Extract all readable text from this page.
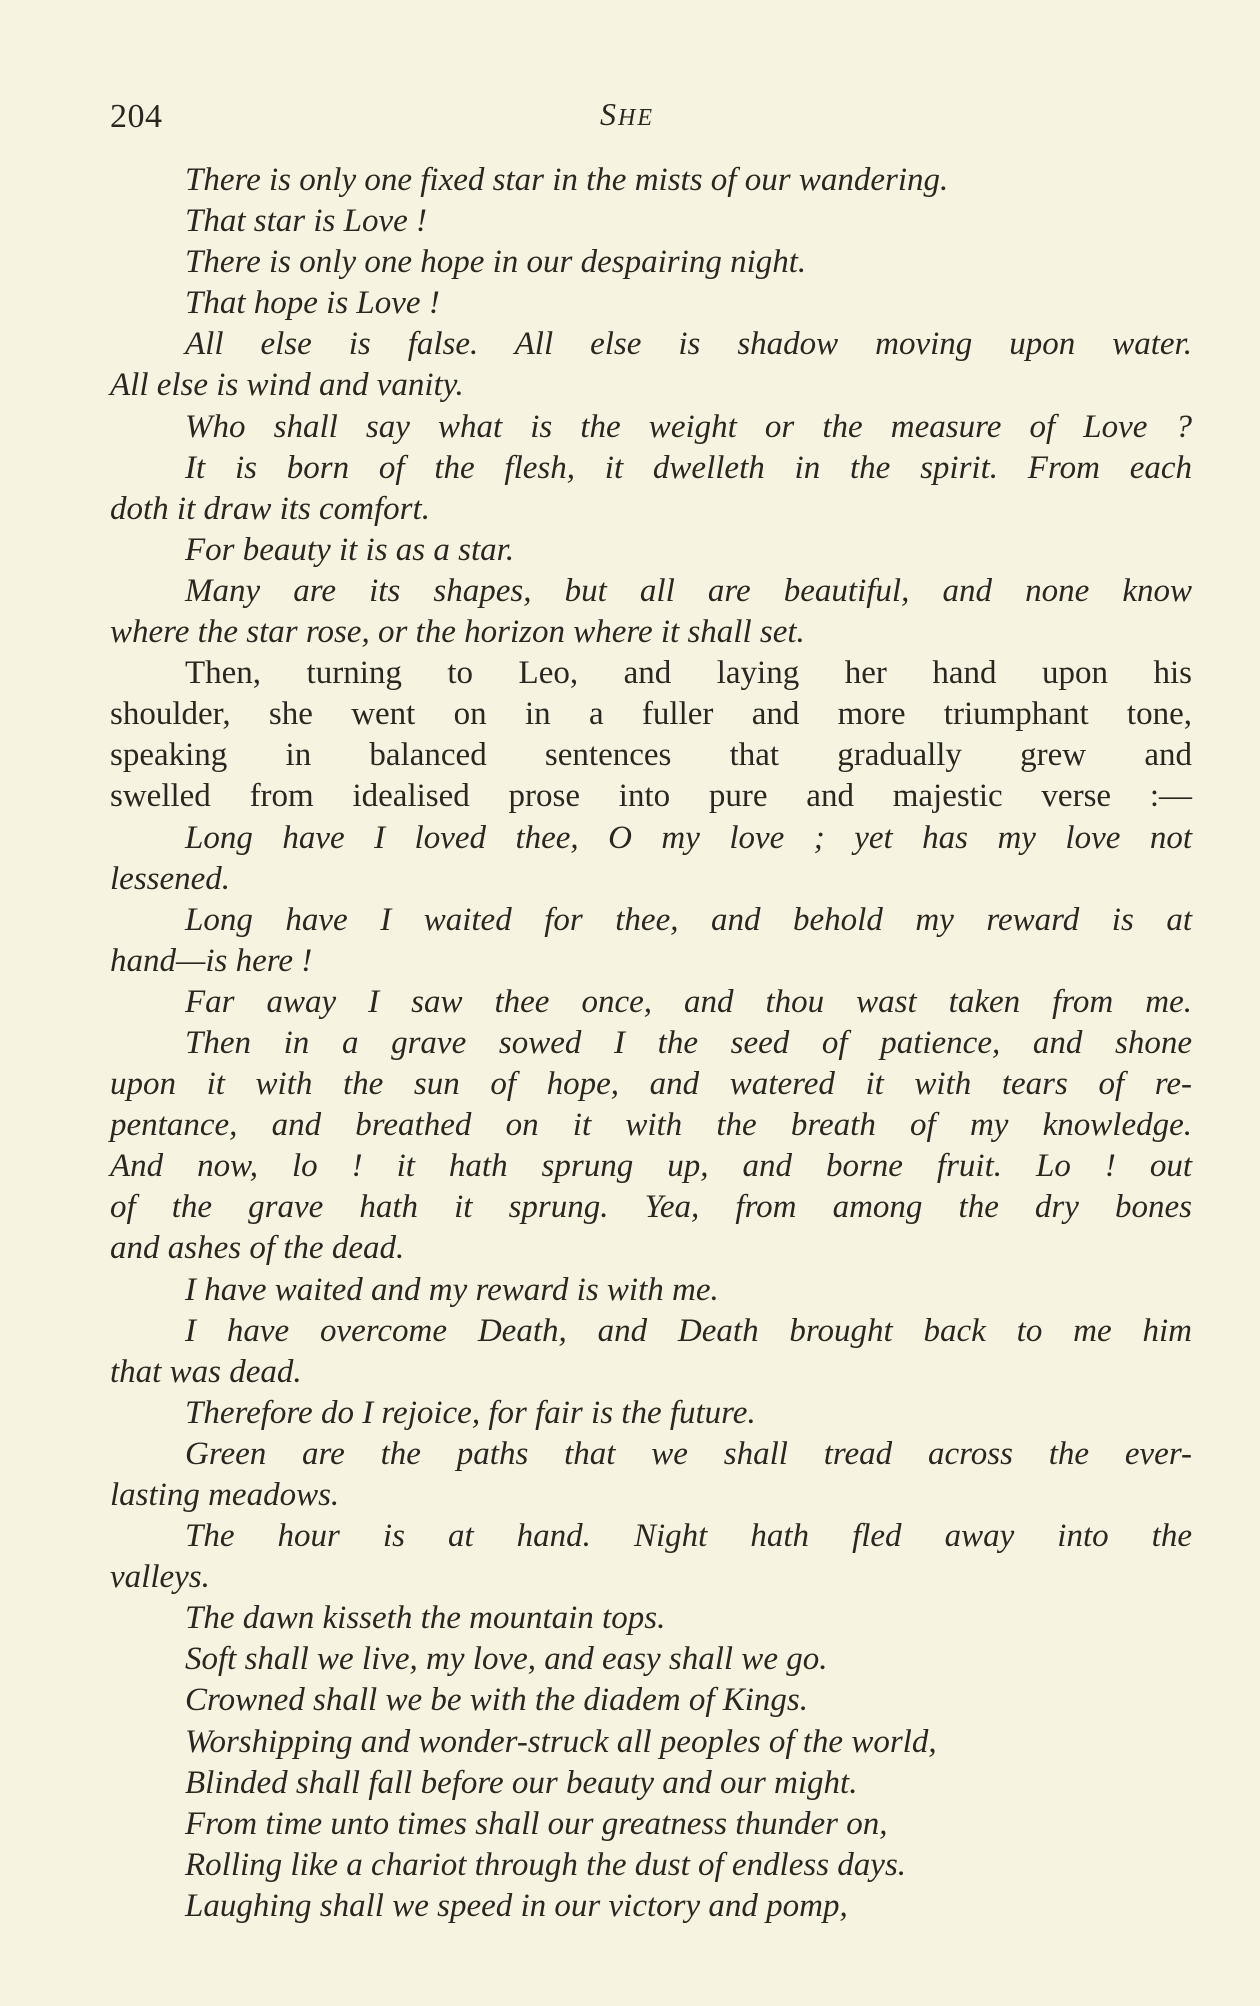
204	SHE
There is only one fixed star in the mists of our wandering.
That star is Love !
There is only one hope in our despairing night.
That hope is Love !
All else is false. All else is shadow moving upon water.
All else is wind and vanity.
Who shall say what is the weight or the measure of Love ?
It is born of the flesh, it dwelleth in the spirit. From each
doth it draw its comfort.
For beauty it is as a star.
Many are its shapes, but all are beautiful, and none know
where the star rose, or the horizon where it shall set.
Then, turning to Leo, and laying her hand upon his
shoulder, she went on in a fuller and more triumphant tone,
speaking in balanced sentences that gradually grew and
swelled from idealised prose into pure and majestic verse :—
Long have I loved thee, O my love ; yet has my love not
lessened.
Long have I waited for thee, and behold my reward is at
hand—is here !
Far away I saw thee once, and thou wast taken from me.
Then in a grave sowed I the seed of patience, and shone
upon it with the sun of hope, and watered it with tears of re-
pentance, and breathed on it with the breath of my knowledge.
And now, lo ! it hath sprung up, and borne fruit. Lo ! out
of the grave hath it sprung. Yea, from among the dry bones
and ashes of the dead.
I have waited and my reward is with me.
I have overcome Death, and Death brought back to me him
that was dead.
Therefore do I rejoice, for fair is the future.
Green are the paths that we shall tread across the ever-
lasting meadows.
The hour is at hand. Night hath fled away into the
valleys.
The dawn kisseth the mountain tops.
Soft shall we live, my love, and easy shall we go.
Crowned shall we be with the diadem of Kings.
Worshipping and wonder-struck all peoples of the world,
Blinded shall fall before our beauty and our might.
From time unto times shall our greatness thunder on,
Rolling like a chariot through the dust of endless days.
Laughing shall we speed in our victory and pomp,
